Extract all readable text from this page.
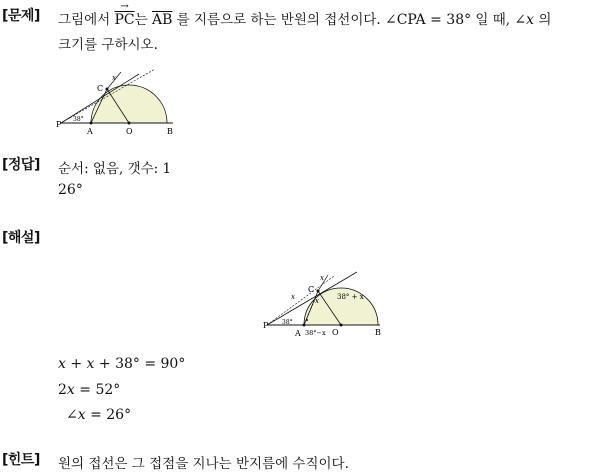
[문제] 그림에서 → $\overline{PC}$는 $\overline{AB}$ 를 지름으로 하는 반원의 접선이다. ∠CPA = 38° 일 때, ∠x 의
크기를 구하시오.
P
A	O	B
C
x
38°
[정답] 순서: 없음, 갯수: 1
26°
[해설]
P
A	O	B
C
x
x	x
38°
38°−x
38° + x
x + x + 38° = 90°
2x = 52°
∠x = 26°
[힌트] 원의 접선은 그 접점을 지나는 반지름에 수직이다.
